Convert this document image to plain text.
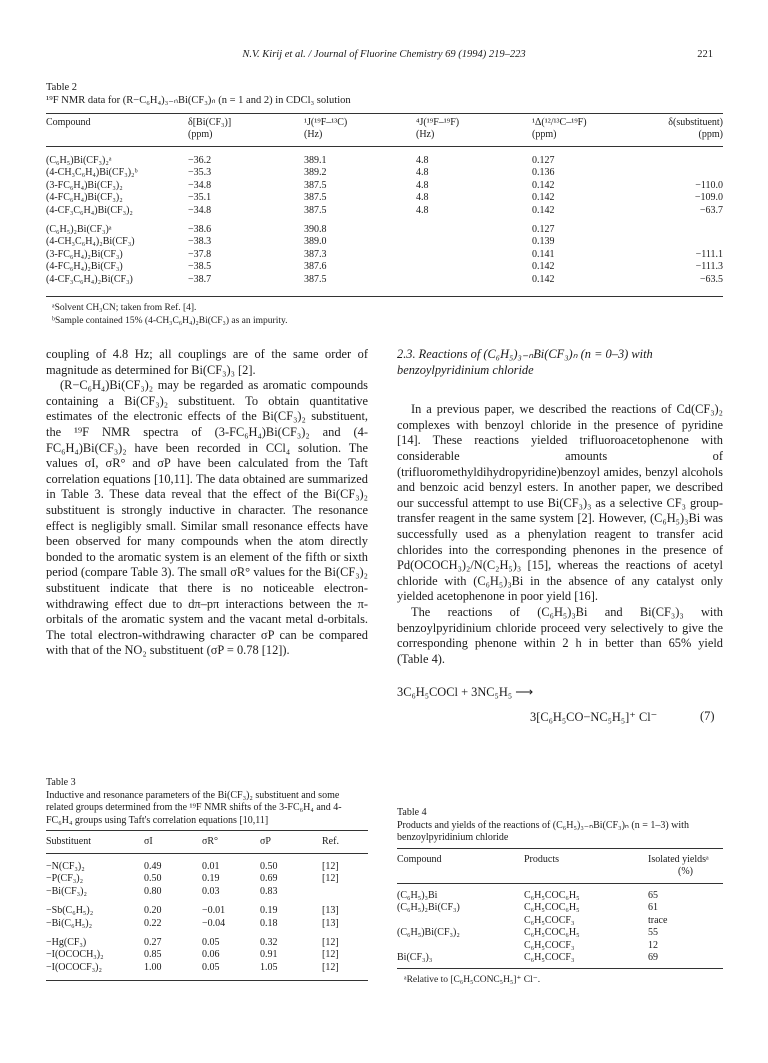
N.V. Kirij et al. / Journal of Fluorine Chemistry 69 (1994) 219–223	221
Table 2
¹⁹F NMR data for (R−C₆H₄)₃₋ₙBi(CF₃)ₙ (n = 1 and 2) in CDCl₃ solution
Compound	δ[Bi(CF₃)]	¹J(¹⁹F–¹³C)	⁴J(¹⁹F–¹⁹F)	¹Δ(¹²/¹³C–¹⁹F)	δ(substituent)
	(ppm)	(Hz)	(Hz)	(ppm)	(ppm)
(C₆H₅)Bi(CF₃)₂ᵃ	−36.2	389.1	4.8	0.127	
(4-CH₃C₆H₄)Bi(CF₃)₂ᵇ	−35.3	389.2	4.8	0.136	
(3-FC₆H₄)Bi(CF₃)₂	−34.8	387.5	4.8	0.142	−110.0
(4-FC₆H₄)Bi(CF₃)₂	−35.1	387.5	4.8	0.142	−109.0
(4-CF₃C₆H₄)Bi(CF₃)₂	−34.8	387.5	4.8	0.142	−63.7
(C₆H₅)₂Bi(CF₃)ᵃ	−38.6	390.8		0.127	
(4-CH₃C₆H₄)₂Bi(CF₃)	−38.3	389.0		0.139	
(3-FC₆H₄)₂Bi(CF₃)	−37.8	387.3		0.141	−111.1
(4-FC₆H₄)₂Bi(CF₃)	−38.5	387.6		0.142	−111.3
(4-CF₃C₆H₄)₂Bi(CF₃)	−38.7	387.5		0.142	−63.5
ᵃSolvent CH₃CN; taken from Ref. [4].
ᵇSample contained 15% (4-CH₃C₆H₄)₂Bi(CF₃) as an impurity.

coupling of 4.8 Hz; all couplings are of the same order of magnitude as determined for Bi(CF₃)₃ [2].

(R−C₆H₄)Bi(CF₃)₂ may be regarded as aromatic compounds containing a Bi(CF₃)₂ substituent. To obtain quantitative estimates of the electronic effects of the Bi(CF₃)₂ substituent, the ¹⁹F NMR spectra of (3-FC₆H₄)Bi(CF₃)₂ and (4-FC₆H₄)Bi(CF₃)₂ have been recorded in CCl₄ solution. The values σI, σR° and σP have been calculated from the Taft correlation equations [10,11]. The data obtained are summarized in Table 3. These data reveal that the effect of the Bi(CF₃)₂ substituent is strongly inductive in character. The resonance effect is negligibly small. Similar small resonance effects have been observed for many compounds when the atom directly bonded to the aromatic system is an element of the fifth or sixth period (compare Table 3). The small σR° values for the Bi(CF₃)₂ substituent indicate that there is no noticeable electron-withdrawing effect due to dπ–pπ interactions between the π-orbitals of the aromatic system and the vacant metal d-orbitals. The total electron-withdrawing character σP can be compared with that of the NO₂ substituent (σP = 0.78 [12]).

2.3. Reactions of (C₆H₅)₃₋ₙBi(CF₃)ₙ (n = 0–3) with benzoylpyridinium chloride

In a previous paper, we described the reactions of Cd(CF₃)₂ complexes with benzoyl chloride in the presence of pyridine [14]. These reactions yielded trifluoroacetophenone with considerable amounts of (trifluoromethyldihydropyridine)benzoyl amides, benzyl alcohols and benzoic acid benzyl esters. In another paper, we described our successful attempt to use Bi(CF₃)₃ as a selective CF₃ group-transfer reagent in the same system [2]. However, (C₆H₅)₃Bi was successfully used as a phenylation reagent to transfer acid chlorides into the corresponding phenones in the presence of Pd(OCOCH₃)₂/N(C₂H₅)₃ [15], whereas the reactions of acetyl chloride with (C₆H₅)₃Bi in the absence of any catalyst only yielded acetophenone in poor yield [16].

The reactions of (C₆H₅)₃Bi and Bi(CF₃)₃ with benzoylpyridinium chloride proceed very selectively to give the corresponding phenone within 2 h in better than 65% yield (Table 4).

3C₆H₅COCl + 3NC₅H₅ ⟶
3[C₆H₅CO−NC₅H₅]⁺ Cl⁻	(7)
Table 3
Inductive and resonance parameters of the Bi(CF₃)₂ substituent and some related groups determined from the ¹⁹F NMR shifts of the 3-FC₆H₄ and 4-FC₆H₄ groups using Taft's correlation equations [10,11]
Substituent	σI	σR°	σP	Ref.
−N(CF₃)₂	0.49	0.01	0.50	[12]
−P(CF₃)₂	0.50	0.19	0.69	[12]
−Bi(CF₃)₂	0.80	0.03	0.83	
−Sb(C₆H₅)₂	0.20	−0.01	0.19	[13]
−Bi(C₆H₅)₂	0.22	−0.04	0.18	[13]
−Hg(CF₃)	0.27	0.05	0.32	[12]
−I(OCOCH₃)₂	0.85	0.06	0.91	[12]
−I(OCOCF₃)₂	1.00	0.05	1.05	[12]
Table 4
Products and yields of the reactions of (C₆H₅)₃₋ₙBi(CF₃)ₙ (n = 1–3) with benzoylpyridinium chloride
Compound	Products	Isolated yieldsᵃ
		(%)
(C₆H₅)₃Bi	C₆H₅COC₆H₅	65
(C₆H₅)₂Bi(CF₃)	C₆H₅COC₆H₅	61
	C₆H₅COCF₃	trace
(C₆H₅)Bi(CF₃)₂	C₆H₅COC₆H₅	55
	C₆H₅COCF₃	12
Bi(CF₃)₃	C₆H₅COCF₃	69
ᵃRelative to [C₆H₅CONC₅H₅]⁺ Cl⁻.
